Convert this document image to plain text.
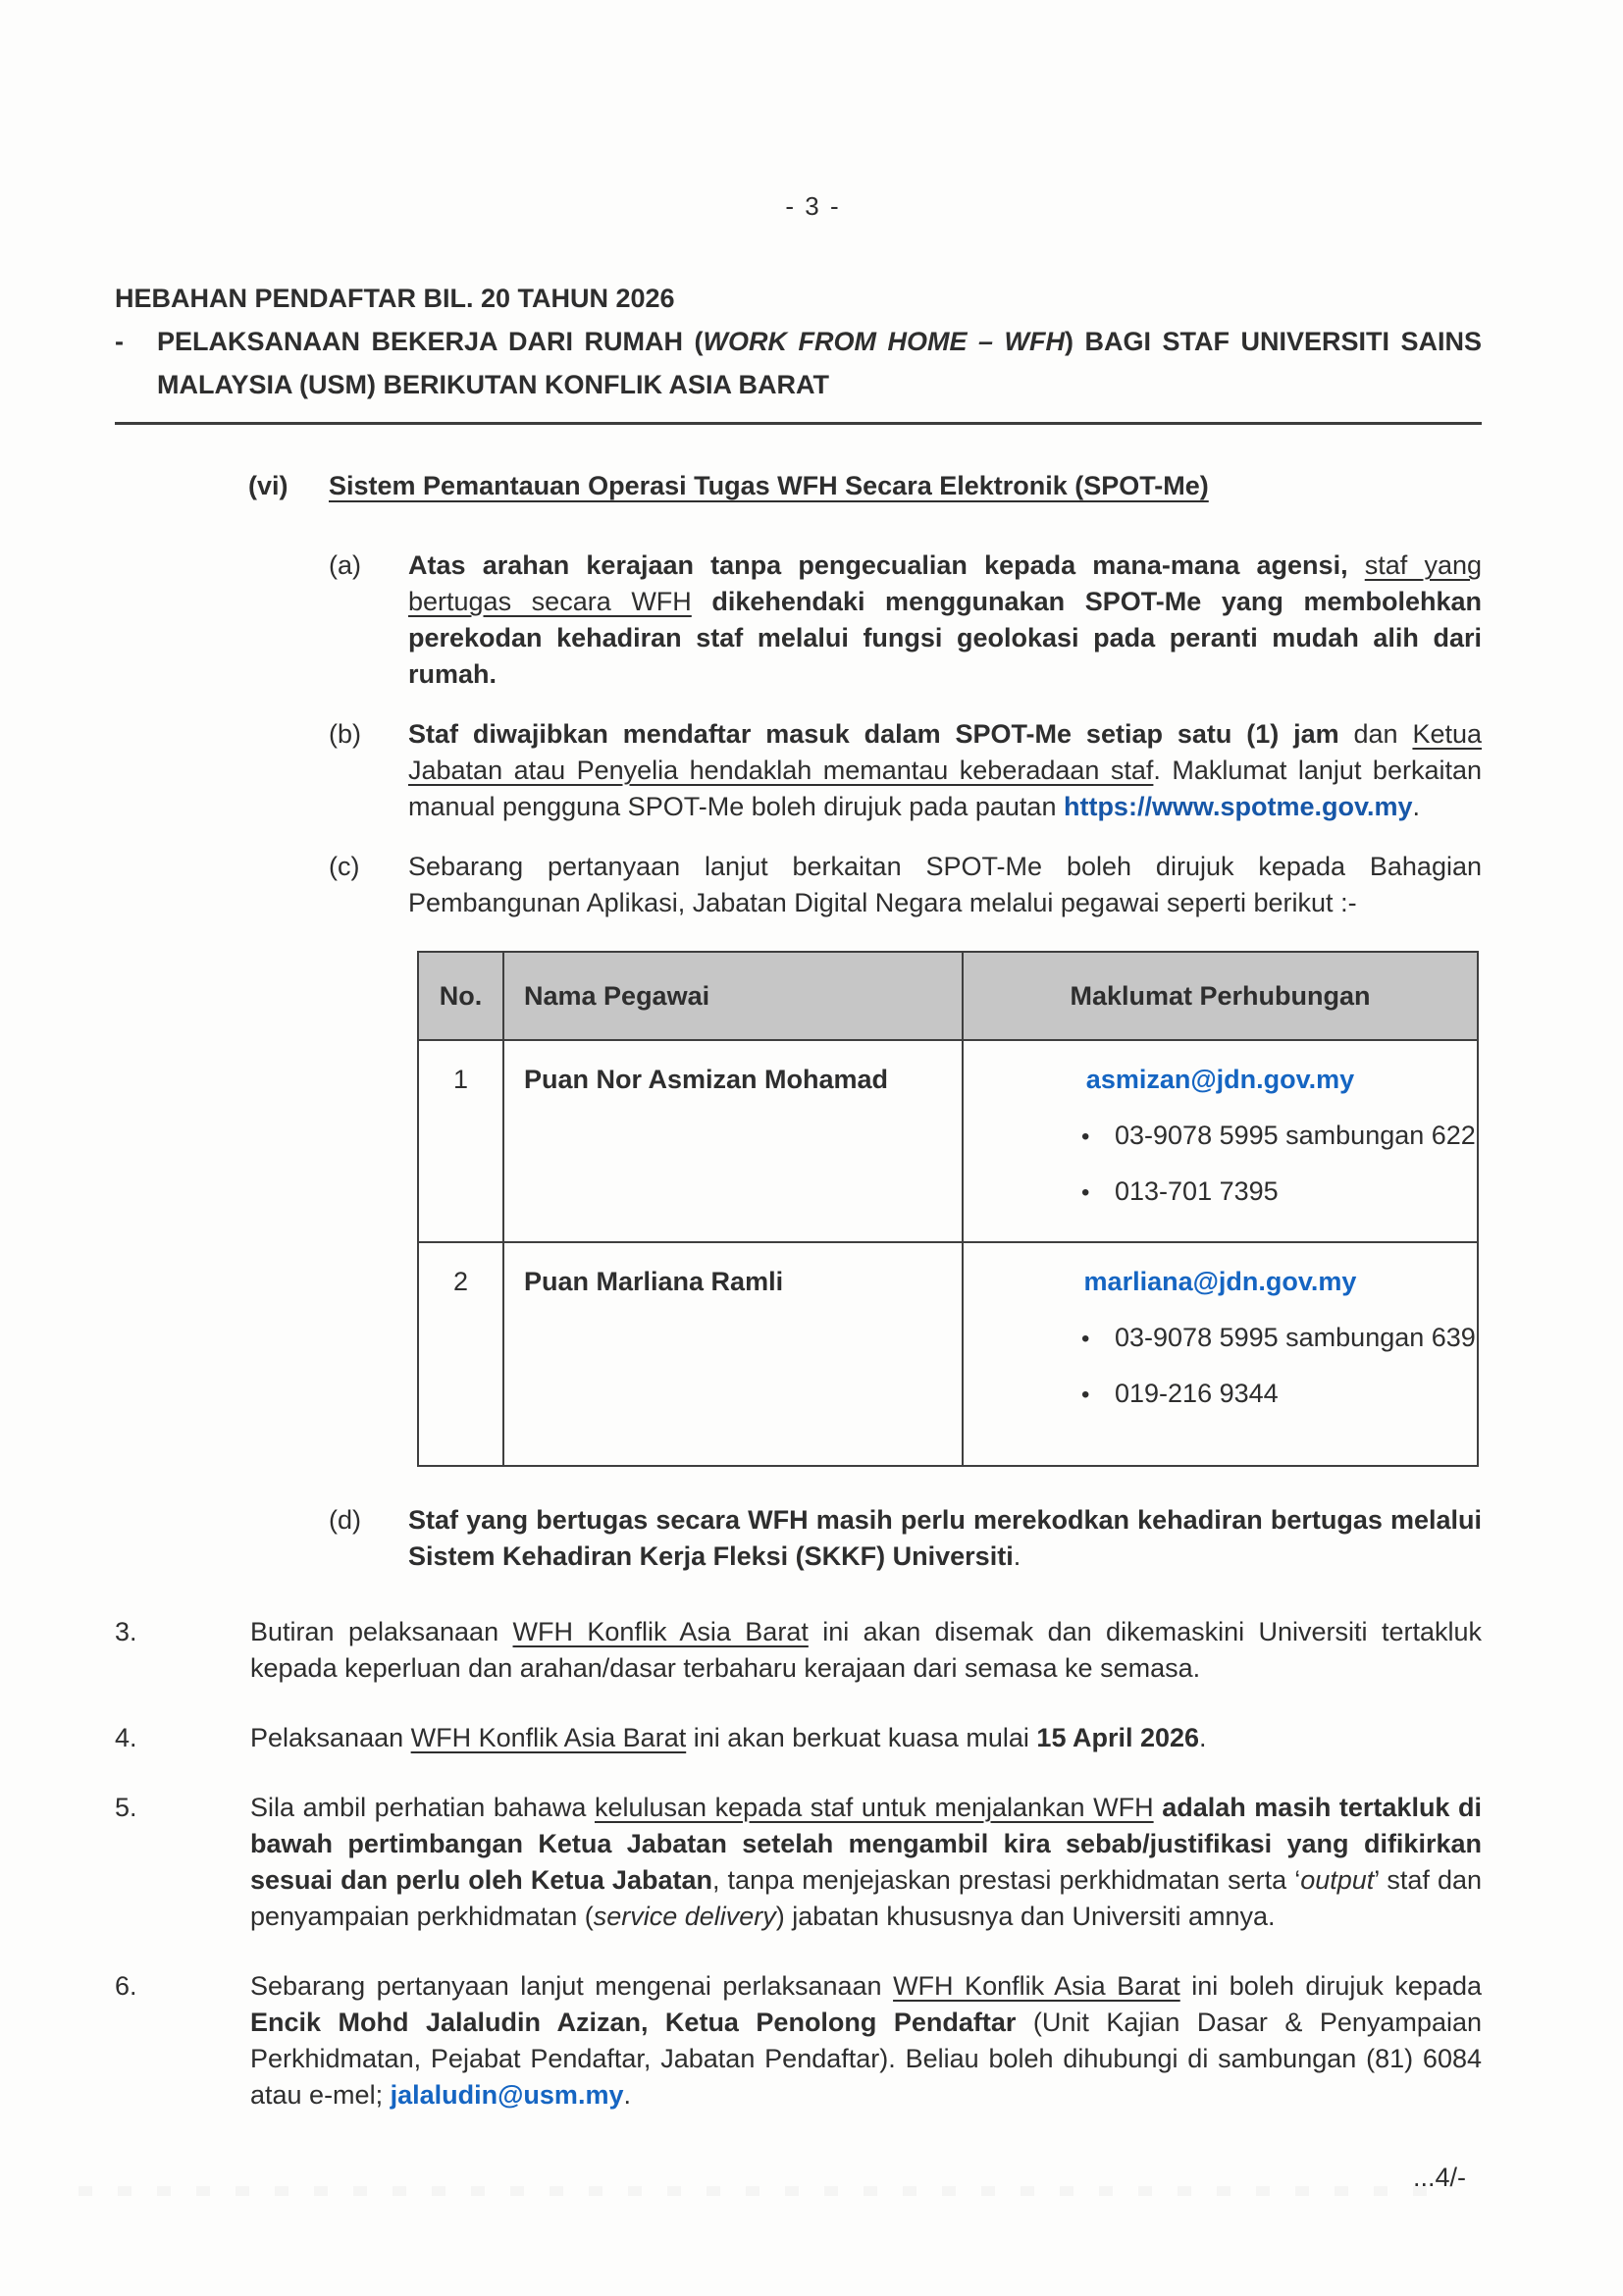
- 3 -
HEBAHAN PENDAFTAR BIL. 20 TAHUN 2026
-	PELAKSANAAN BEKERJA DARI RUMAH (WORK FROM HOME – WFH) BAGI STAF UNIVERSITI SAINS MALAYSIA (USM) BERIKUTAN KONFLIK ASIA BARAT
(vi)	Sistem Pemantauan Operasi Tugas WFH Secara Elektronik (SPOT-Me)
(a)	Atas arahan kerajaan tanpa pengecualian kepada mana-mana agensi, staf yang bertugas secara WFH dikehendaki menggunakan SPOT-Me yang membolehkan perekodan kehadiran staf melalui fungsi geolokasi pada peranti mudah alih dari rumah.
(b)	Staf diwajibkan mendaftar masuk dalam SPOT-Me setiap satu (1) jam dan Ketua Jabatan atau Penyelia hendaklah memantau keberadaan staf. Maklumat lanjut berkaitan manual pengguna SPOT-Me boleh dirujuk pada pautan https://www.spotme.gov.my.
(c)	Sebarang pertanyaan lanjut berkaitan SPOT-Me boleh dirujuk kepada Bahagian Pembangunan Aplikasi, Jabatan Digital Negara melalui pegawai seperti berikut :-
No.	Nama Pegawai	Maklumat Perhubungan
1	Puan Nor Asmizan Mohamad	asmizan@jdn.gov.my
• 03-9078 5995 sambungan 622
• 013-701 7395

2	Puan Marliana Ramli	marliana@jdn.gov.my
• 03-9078 5995 sambungan 639
• 019-216 9344
(d)	Staf yang bertugas secara WFH masih perlu merekodkan kehadiran bertugas melalui Sistem Kehadiran Kerja Fleksi (SKKF) Universiti.
3.	Butiran pelaksanaan WFH Konflik Asia Barat ini akan disemak dan dikemaskini Universiti tertakluk kepada keperluan dan arahan/dasar terbaharu kerajaan dari semasa ke semasa.
4.	Pelaksanaan WFH Konflik Asia Barat ini akan berkuat kuasa mulai 15 April 2026.
5.	Sila ambil perhatian bahawa kelulusan kepada staf untuk menjalankan WFH adalah masih tertakluk di bawah pertimbangan Ketua Jabatan setelah mengambil kira sebab/justifikasi yang difikirkan sesuai dan perlu oleh Ketua Jabatan, tanpa menjejaskan prestasi perkhidmatan serta ‘output’ staf dan penyampaian perkhidmatan (service delivery) jabatan khususnya dan Universiti amnya.
6.	Sebarang pertanyaan lanjut mengenai perlaksanaan WFH Konflik Asia Barat ini boleh dirujuk kepada Encik Mohd Jalaludin Azizan, Ketua Penolong Pendaftar (Unit Kajian Dasar & Penyampaian Perkhidmatan, Pejabat Pendaftar, Jabatan Pendaftar). Beliau boleh dihubungi di sambungan (81) 6084 atau e-mel; jalaludin@usm.my.
...4/-
